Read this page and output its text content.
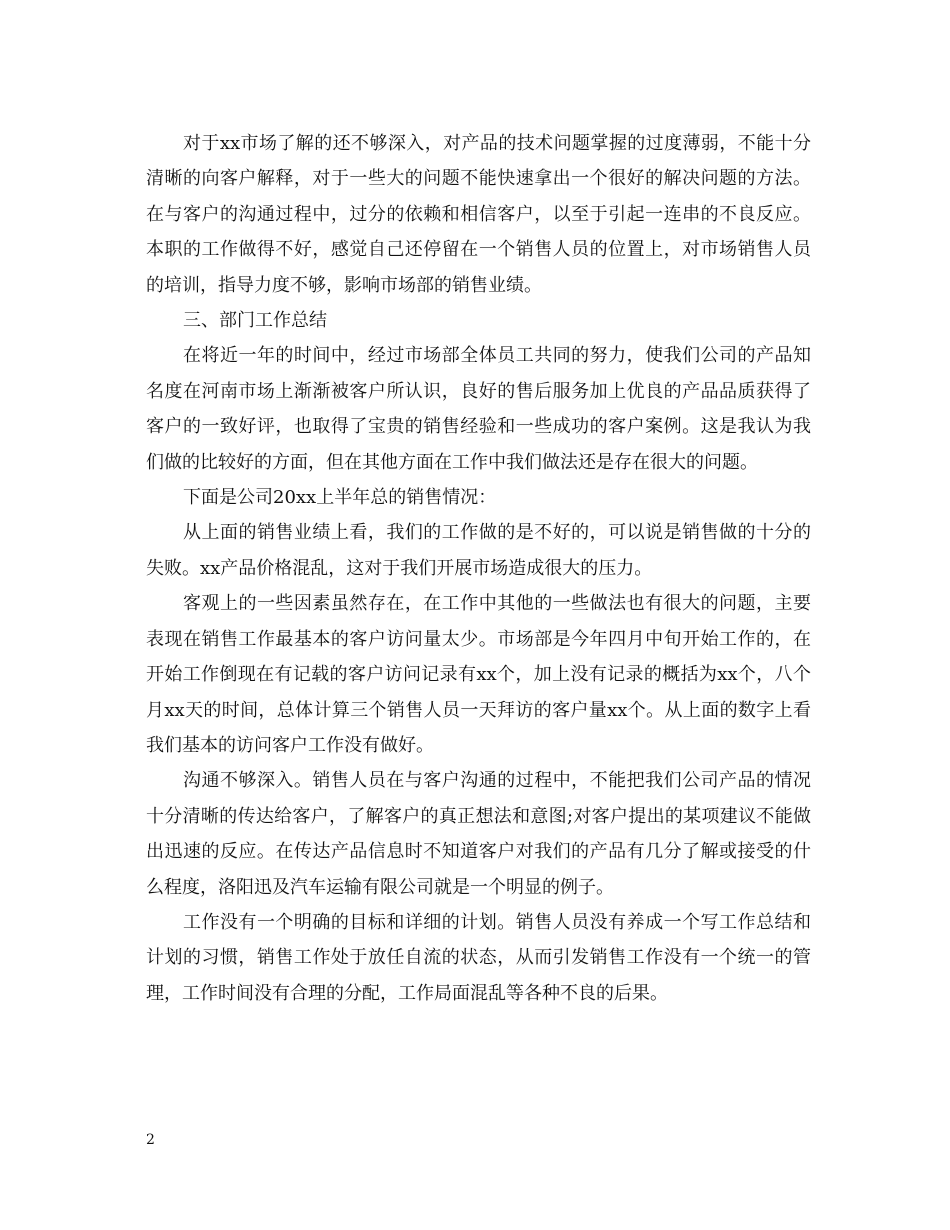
对于xx市场了解的还不够深入，对产品的技术问题掌握的过度薄弱，不能十分清晰的向客户解释，对于一些大的问题不能快速拿出一个很好的解决问题的方法。在与客户的沟通过程中，过分的依赖和相信客户，以至于引起一连串的不良反应。本职的工作做得不好，感觉自己还停留在一个销售人员的位置上，对市场销售人员的培训，指导力度不够，影响市场部的销售业绩。

三、部门工作总结

在将近一年的时间中，经过市场部全体员工共同的努力，使我们公司的产品知名度在河南市场上渐渐被客户所认识，良好的售后服务加上优良的产品品质获得了客户的一致好评，也取得了宝贵的销售经验和一些成功的客户案例。这是我认为我们做的比较好的方面，但在其他方面在工作中我们做法还是存在很大的问题。

下面是公司20xx上半年总的销售情况：

从上面的销售业绩上看，我们的工作做的是不好的，可以说是销售做的十分的失败。xx产品价格混乱，这对于我们开展市场造成很大的压力。

客观上的一些因素虽然存在，在工作中其他的一些做法也有很大的问题，主要表现在销售工作最基本的客户访问量太少。市场部是今年四月中旬开始工作的，在开始工作倒现在有记载的客户访问记录有xx个，加上没有记录的概括为xx个，八个月xx天的时间，总体计算三个销售人员一天拜访的客户量xx个。从上面的数字上看我们基本的访问客户工作没有做好。

沟通不够深入。销售人员在与客户沟通的过程中，不能把我们公司产品的情况十分清晰的传达给客户，了解客户的真正想法和意图;对客户提出的某项建议不能做出迅速的反应。在传达产品信息时不知道客户对我们的产品有几分了解或接受的什么程度，洛阳迅及汽车运输有限公司就是一个明显的例子。

工作没有一个明确的目标和详细的计划。销售人员没有养成一个写工作总结和计划的习惯，销售工作处于放任自流的状态，从而引发销售工作没有一个统一的管理，工作时间没有合理的分配，工作局面混乱等各种不良的后果。

2
